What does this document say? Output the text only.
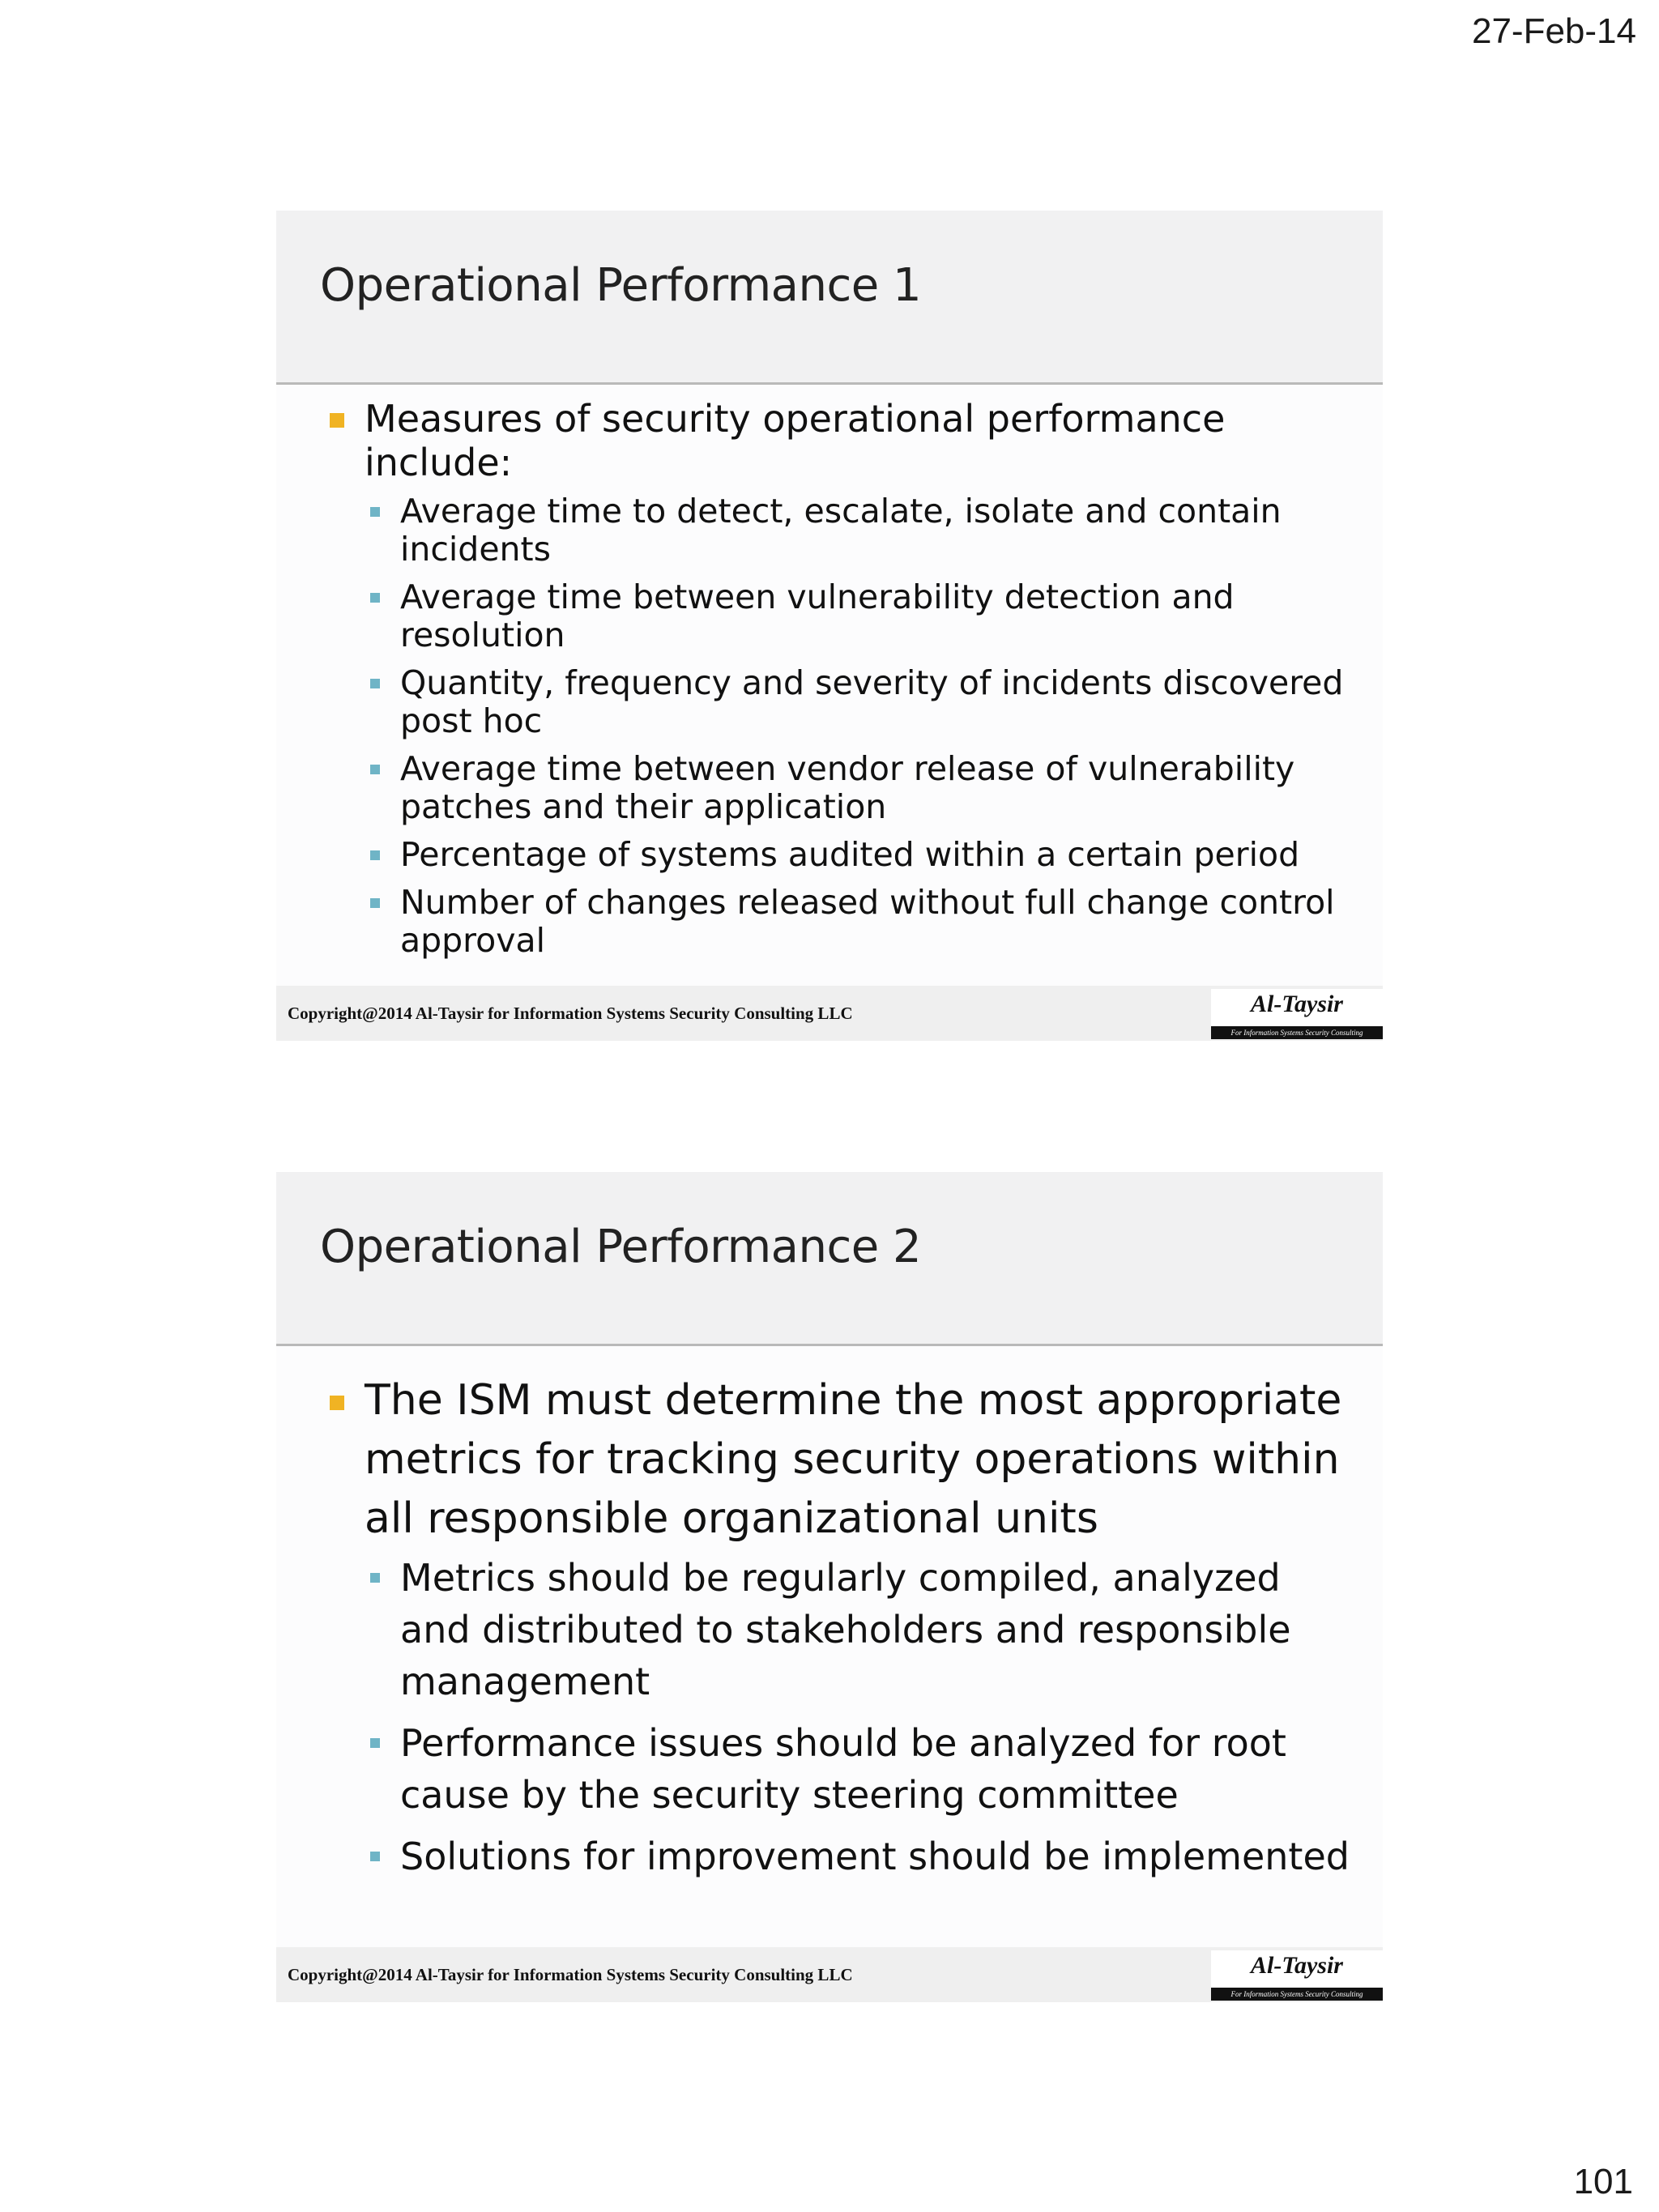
27-Feb-14
Operational Performance 1
Measures of security operational performance include:
Average time to detect, escalate, isolate and contain incidents
Average time between vulnerability detection and resolution
Quantity, frequency and severity of incidents discovered post hoc
Average time between vendor release of vulnerability patches and their application
Percentage of systems audited within a certain period
Number of changes released without full change control approval
Copyright@2014 Al-Taysir for Information Systems Security Consulting LLC	Al-Taysir
For Information Systems Security Consulting
Operational Performance 2
The ISM must determine the most appropriate metrics for tracking security operations within all responsible organizational units
Metrics should be regularly compiled, analyzed and distributed to stakeholders and responsible management
Performance issues should be analyzed for root cause by the security steering committee
Solutions for improvement should be implemented
Copyright@2014 Al-Taysir for Information Systems Security Consulting LLC	Al-Taysir
For Information Systems Security Consulting
101
